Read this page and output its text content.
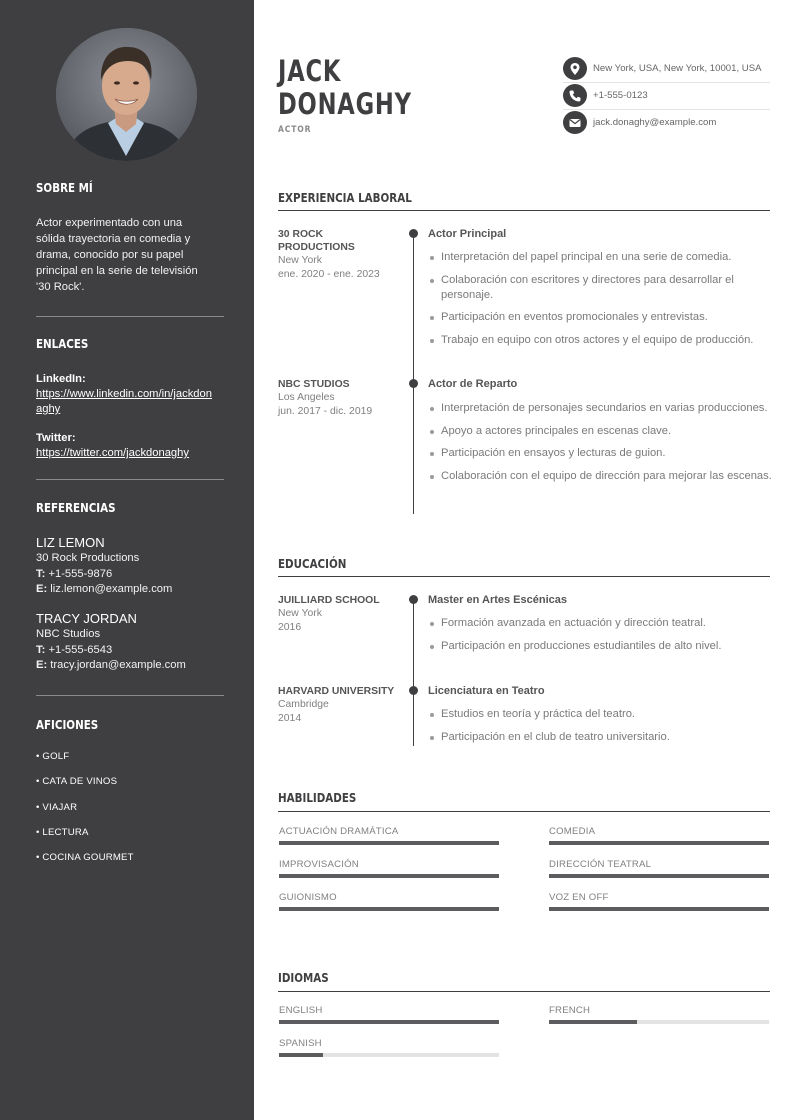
SOBRE MÍ
Actor experimentado con una sólida trayectoria en comedia y drama, conocido por su papel principal en la serie de televisión '30 Rock'.
ENLACES
LinkedIn:
https://www.linkedin.com/in/jackdonaghy
Twitter:
https://twitter.com/jackdonaghy
REFERENCIAS
LIZ LEMON
30 Rock Productions
T: +1-555-9876
E: liz.lemon@example.com
TRACY JORDAN
NBC Studios
T: +1-555-6543
E: tracy.jordan@example.com
AFICIONES
• GOLF
• CATA DE VINOS
• VIAJAR
• LECTURA
• COCINA GOURMET
JACK
DONAGHY
ACTOR
New York, USA, New York, 10001, USA
+1-555-0123
jack.donaghy@example.com
EXPERIENCIA LABORAL
30 ROCK PRODUCTIONS
New York
ene. 2020 - ene. 2023
Actor Principal
Interpretación del papel principal en una serie de comedia.
Colaboración con escritores y directores para desarrollar el personaje.
Participación en eventos promocionales y entrevistas.
Trabajo en equipo con otros actores y el equipo de producción.
NBC STUDIOS
Los Angeles
jun. 2017 - dic. 2019
Actor de Reparto
Interpretación de personajes secundarios en varias producciones.
Apoyo a actores principales en escenas clave.
Participación en ensayos y lecturas de guion.
Colaboración con el equipo de dirección para mejorar las escenas.
EDUCACIÓN
JUILLIARD SCHOOL
New York
2016
Master en Artes Escénicas
Formación avanzada en actuación y dirección teatral.
Participación en producciones estudiantiles de alto nivel.
HARVARD UNIVERSITY
Cambridge
2014
Licenciatura en Teatro
Estudios en teoría y práctica del teatro.
Participación en el club de teatro universitario.
HABILIDADES
ACTUACIÓN DRAMÁTICA	COMEDIA
IMPROVISACIÓN	DIRECCIÓN TEATRAL
GUIONISMO	VOZ EN OFF
IDIOMAS
ENGLISH	FRENCH
SPANISH
